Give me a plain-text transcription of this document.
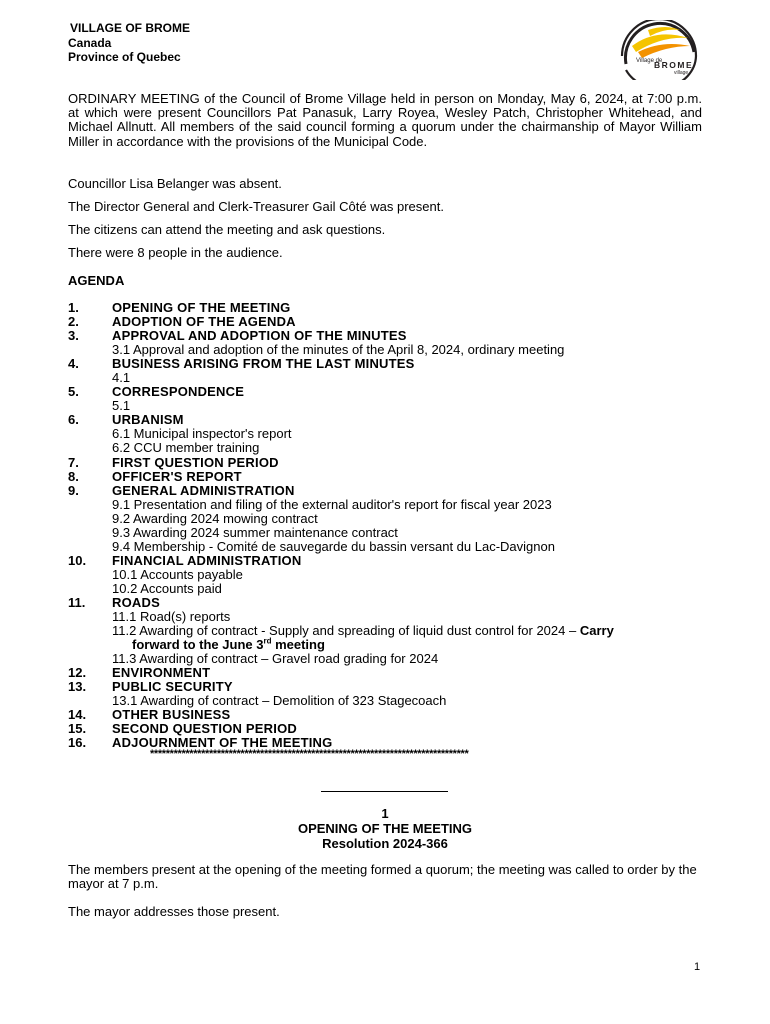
VILLAGE OF BROME
Canada
Province of Quebec	Village de
BROME
village
ORDINARY MEETING of the Council of Brome Village held in person on Monday, May 6, 2024, at 7:00 p.m. at which were present Councillors Pat Panasuk, Larry Royea, Wesley Patch, Christopher Whitehead, and Michael Allnutt. All members of the said council forming a quorum under the chairmanship of Mayor William Miller in accordance with the provisions of the Municipal Code.
Councillor Lisa Belanger was absent.
The Director General and Clerk-Treasurer Gail Côté was present.
The citizens can attend the meeting and ask questions.
There were 8 people in the audience.
AGENDA
1.	OPENING OF THE MEETING
2.	ADOPTION OF THE AGENDA
3.	APPROVAL AND ADOPTION OF THE MINUTES
3.1 Approval and adoption of the minutes of the April 8, 2024, ordinary meeting
4.	BUSINESS ARISING FROM THE LAST MINUTES
4.1
5.	CORRESPONDENCE
5.1
6.	URBANISM
6.1 Municipal inspector's report
6.2 CCU member training
7.	FIRST QUESTION PERIOD
8.	OFFICER'S REPORT
9.	GENERAL ADMINISTRATION
9.1 Presentation and filing of the external auditor's report for fiscal year 2023
9.2 Awarding 2024 mowing contract
9.3 Awarding 2024 summer maintenance contract
9.4 Membership - Comité de sauvegarde du bassin versant du Lac-Davignon
10.	FINANCIAL ADMINISTRATION
10.1 Accounts payable
10.2 Accounts paid
11.	ROADS
11.1 Road(s) reports
11.2 Awarding of contract - Supply and spreading of liquid dust control for 2024 – Carry
forward to the June 3rd meeting
11.3 Awarding of contract – Gravel road grading for 2024
12.	ENVIRONMENT
13.	PUBLIC SECURITY
13.1 Awarding of contract – Demolition of 323 Stagecoach
14.	OTHER BUSINESS
15.	SECOND QUESTION PERIOD
16.	ADJOURNMENT OF THE MEETING
*********************************************************************************
1
OPENING OF THE MEETING
Resolution 2024-366
The members present at the opening of the meeting formed a quorum; the meeting was called to order by the mayor at 7 p.m.
The mayor addresses those present.
1
